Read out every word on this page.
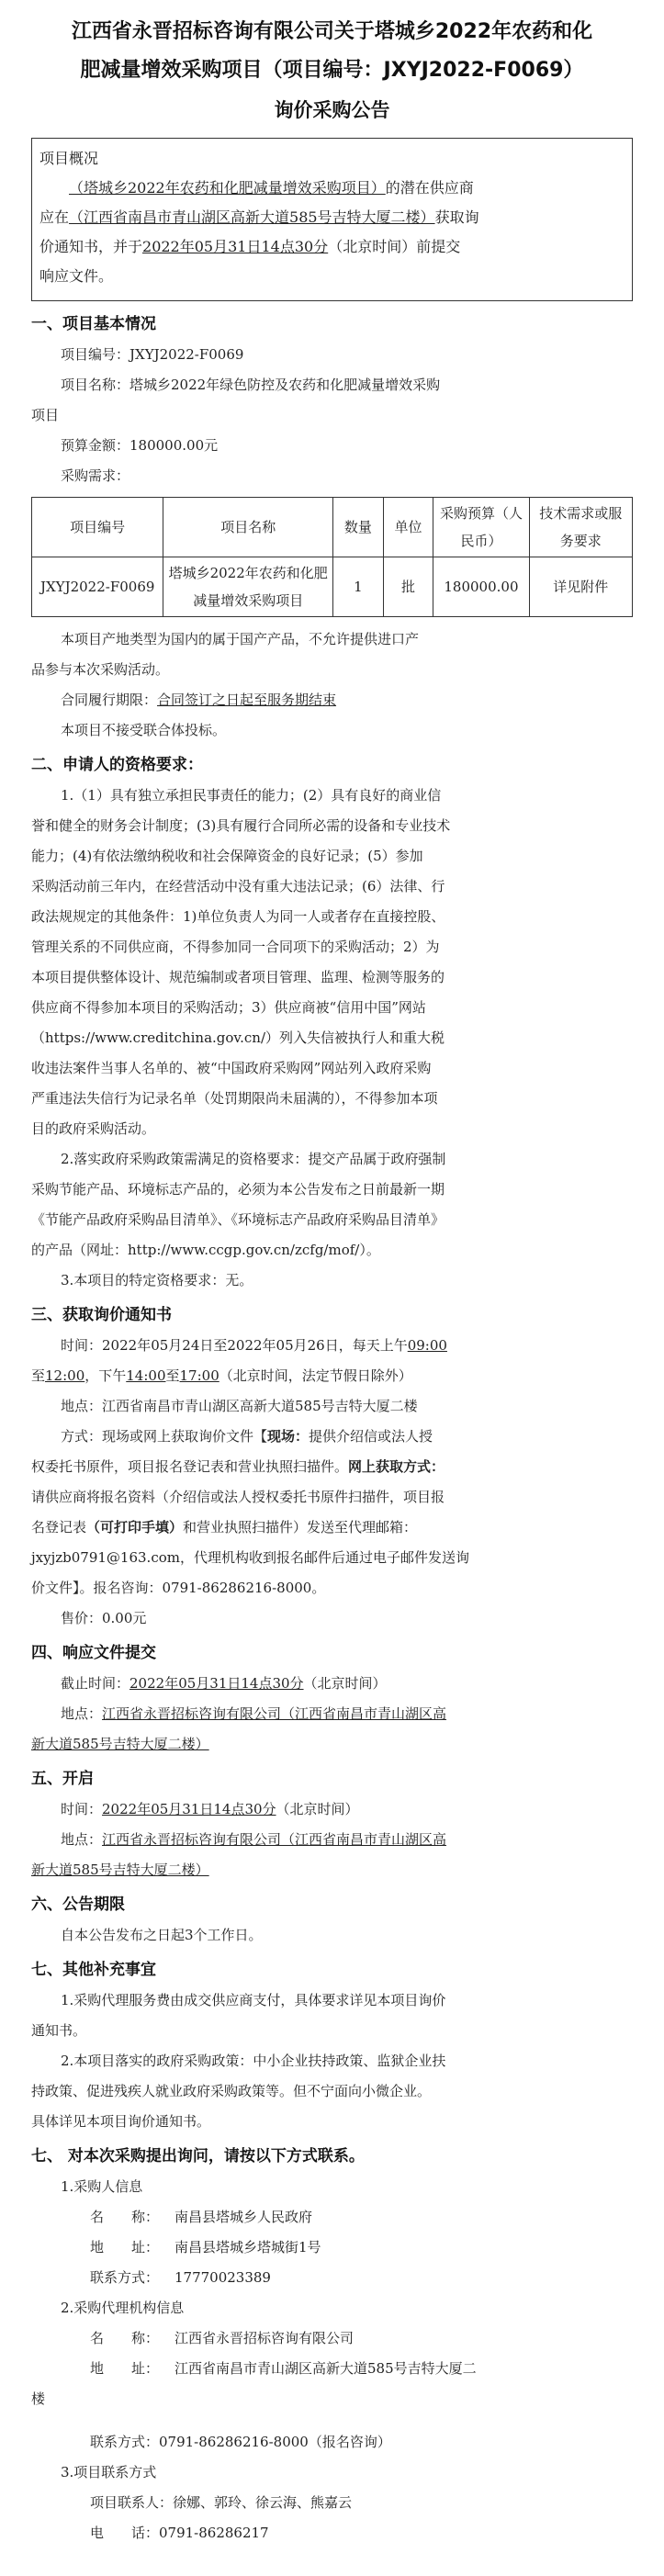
江西省永晋招标咨询有限公司关于塔城乡2022年农药和化
肥减量增效采购项目（项目编号：JXYJ2022-F0069）
询价采购公告
项目概况
（塔城乡2022年农药和化肥减量增效采购项目）的潜在供应商
应在（江西省南昌市青山湖区高新大道585号吉特大厦二楼）获取询
价通知书，并于2022年05月31日14点30分（北京时间）前提交
响应文件。
一、项目基本情况
项目编号：JXYJ2022-F0069
项目名称：塔城乡2022年绿色防控及农药和化肥减量增效采购
项目
预算金额：180000.00元
采购需求：
项目编号	项目名称	数量	单位	采购预算（人民币）	技术需求或服务要求
JXYJ2022-F0069	塔城乡2022年农药和化肥减量增效采购项目	1	批	180000.00	详见附件
本项目产地类型为国内的属于国产产品，不允许提供进口产
品参与本次采购活动。
合同履行期限：合同签订之日起至服务期结束
本项目不接受联合体投标。
二、申请人的资格要求：
1.（1）具有独立承担民事责任的能力；(2）具有良好的商业信
誉和健全的财务会计制度；(3)具有履行合同所必需的设备和专业技术
能力；(4)有依法缴纳税收和社会保障资金的良好记录；(5）参加
采购活动前三年内，在经营活动中没有重大违法记录；(6）法律、行
政法规规定的其他条件：1)单位负责人为同一人或者存在直接控股、
管理关系的不同供应商，不得参加同一合同项下的采购活动；2）为
本项目提供整体设计、规范编制或者项目管理、监理、检测等服务的
供应商不得参加本项目的采购活动；3）供应商被“信用中国”网站
（https://www.creditchina.gov.cn/）列入失信被执行人和重大税
收违法案件当事人名单的、被“中国政府采购网”网站列入政府采购
严重违法失信行为记录名单（处罚期限尚未届满的），不得参加本项
目的政府采购活动。
2.落实政府采购政策需满足的资格要求：提交产品属于政府强制
采购节能产品、环境标志产品的，必须为本公告发布之日前最新一期
《节能产品政府采购品目清单》、《环境标志产品政府采购品目清单》
的产品（网址：http://www.ccgp.gov.cn/zcfg/mof/）。
3.本项目的特定资格要求：无。
三、获取询价通知书
时间：2022年05月24日至2022年05月26日，每天上午09:00
至12:00，下午14:00至17:00（北京时间，法定节假日除外）
地点：江西省南昌市青山湖区高新大道585号吉特大厦二楼
方式：现场或网上获取询价文件【现场：提供介绍信或法人授
权委托书原件，项目报名登记表和营业执照扫描件。网上获取方式：
请供应商将报名资料（介绍信或法人授权委托书原件扫描件，项目报
名登记表（可打印手填）和营业执照扫描件）发送至代理邮箱：
jxyjzb0791@163.com，代理机构收到报名邮件后通过电子邮件发送询
价文件】。报名咨询：0791-86286216-8000。
售价：0.00元
四、响应文件提交
截止时间：2022年05月31日14点30分（北京时间）
地点：江西省永晋招标咨询有限公司（江西省南昌市青山湖区高
新大道585号吉特大厦二楼）
五、开启
时间：2022年05月31日14点30分（北京时间）
地点：江西省永晋招标咨询有限公司（江西省南昌市青山湖区高
新大道585号吉特大厦二楼）
六、公告期限
自本公告发布之日起3个工作日。
七、其他补充事宜
1.采购代理服务费由成交供应商支付，具体要求详见本项目询价
通知书。
2.本项目落实的政府采购政策：中小企业扶持政策、监狱企业扶
持政策、促进残疾人就业政府采购政策等。但不宁面向小微企业。
具体详见本项目询价通知书。
七、 对本次采购提出询问，请按以下方式联系。
1.采购人信息
名　　称： 南昌县塔城乡人民政府
地　　址： 南昌县塔城乡塔城街1号
联系方式： 17770023389
2.采购代理机构信息
名　　称： 江西省永晋招标咨询有限公司
地　　址： 江西省南昌市青山湖区高新大道585号吉特大厦二
楼
联系方式：0791-86286216-8000（报名咨询）
3.项目联系方式
项目联系人：徐娜、郭玲、徐云海、熊嘉云
电　　话：0791-86286217
